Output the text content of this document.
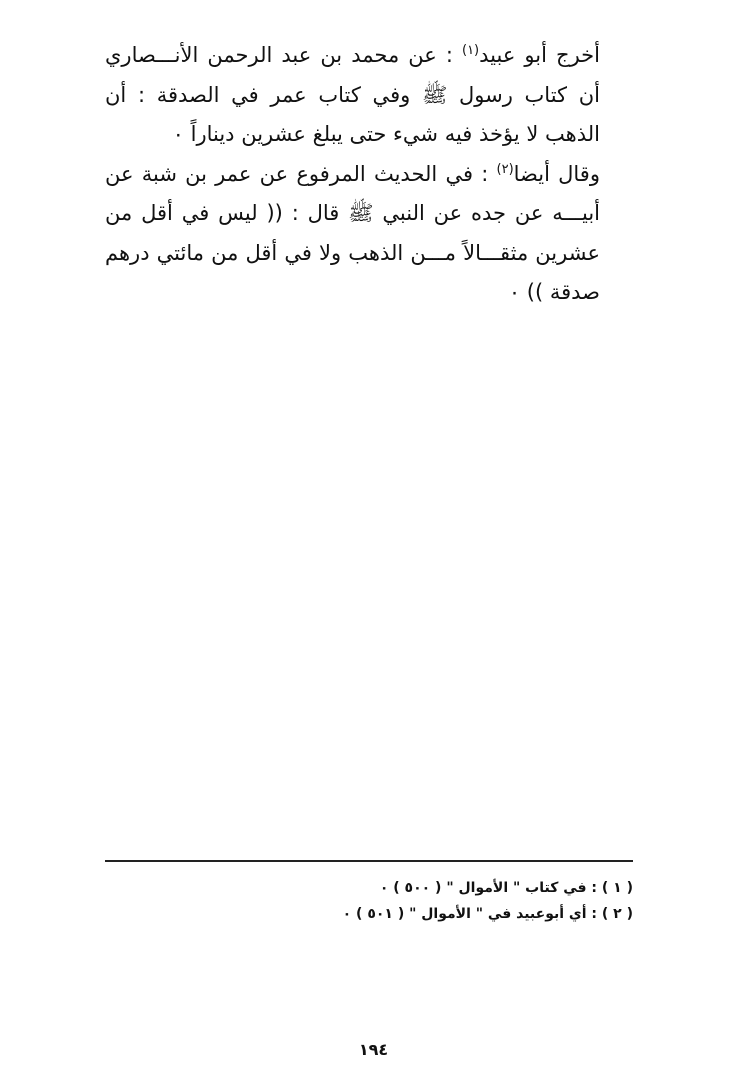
أخرج أبو عبيد$^{(١)}$ : عن محمد بن عبد الرحمن الأنـــصاري أن كتاب رسول ﷺ وفي كتاب عمر في الصدقة : أن الذهب لا يؤخذ فيه شيء حتى يبلغ عشرين ديناراً ٠

وقال أيضا$^{(٢)}$ : في الحديث المرفوع عن عمر بن شبة عن أبيـــه عن جده عن النبي ﷺ قال : (( ليس في أقل من عشرين مثقـــالاً مـــن الذهب ولا في أقل من مائتي درهم صدقة )) ٠

( ١ ) : في كتاب " الأموال " ( ٥٠٠ ) ٠

( ٢ ) : أي أبوعبيد في " الأموال " ( ٥٠١ ) ٠

١٩٤
